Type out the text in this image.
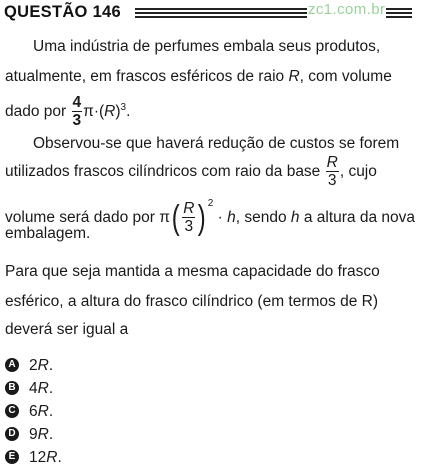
QUESTÃO 146	zc1.com.br
Uma indústria de perfumes embala seus produtos,
atualmente, em frascos esféricos de raio R, com volume
dado por $\frac{4}{3} \pi\cdot(R)^3$.
Observou-se que haverá redução de custos se forem
utilizados frascos cilíndricos com raio da base $\frac{R}{3}$ , cujo
volume será dado por $\pi( \frac{R}{3}$ ) $^2$ · h, sendo h a altura da nova
embalagem.
Para que seja mantida a mesma capacidade do frasco
esférico, a altura do frasco cilíndrico (em termos de R)
deverá ser igual a
A 2R.
B 4R.
C 6R.
D 9R.
E 12R.
